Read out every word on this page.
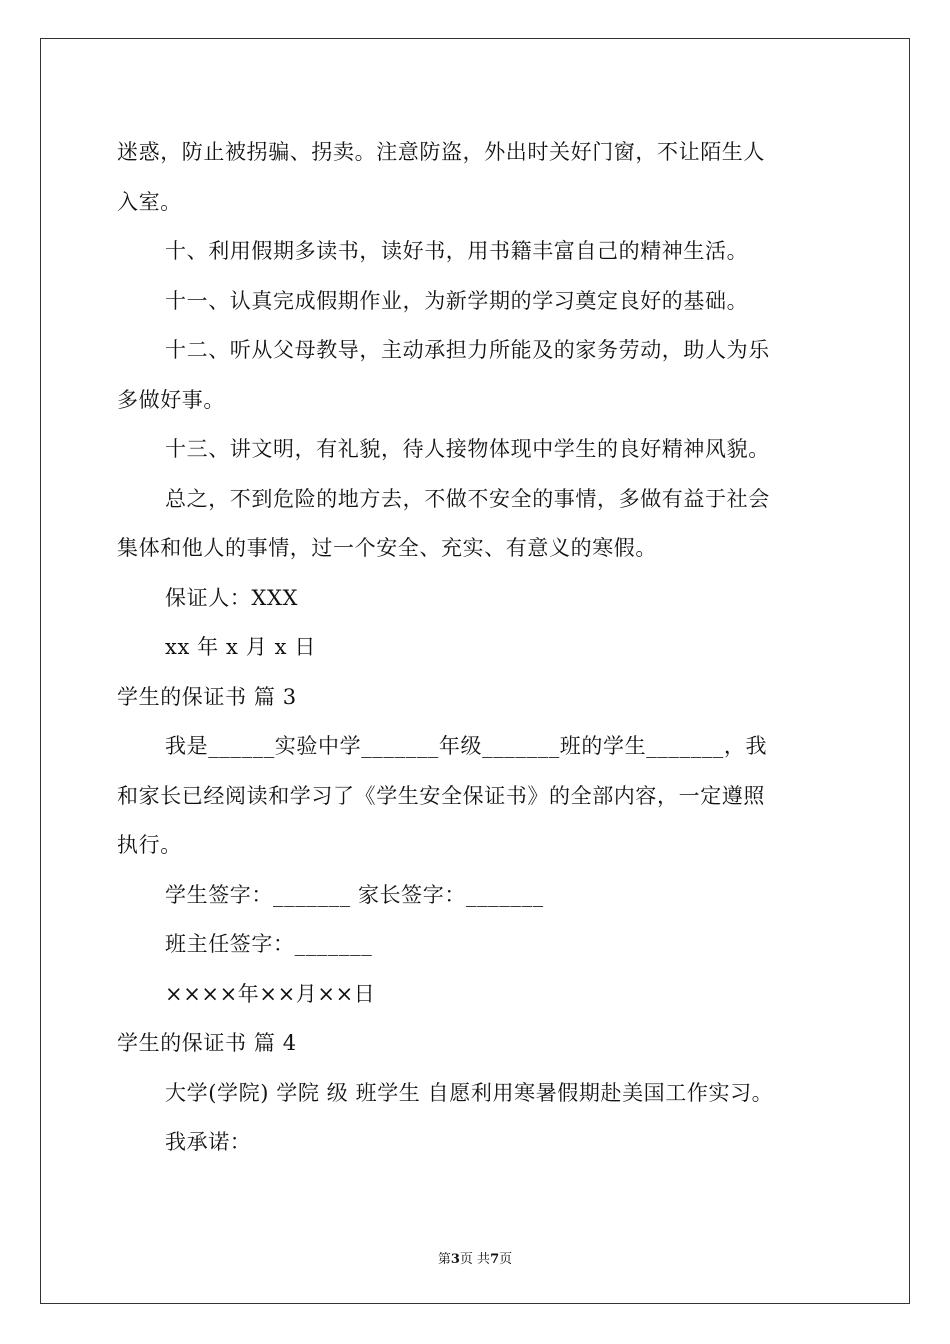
迷惑，防止被拐骗、拐卖。注意防盗，外出时关好门窗，不让陌生人
入室。
十、利用假期多读书，读好书，用书籍丰富自己的精神生活。
十一、认真完成假期作业，为新学期的学习奠定良好的基础。
十二、听从父母教导，主动承担力所能及的家务劳动，助人为乐
多做好事。
十三、讲文明，有礼貌，待人接物体现中学生的良好精神风貌。
总之，不到危险的地方去，不做不安全的事情，多做有益于社会
集体和他人的事情，过一个安全、充实、有意义的寒假。
保证人：XXX
xx 年 x 月 x 日
学生的保证书 篇 3
我是______实验中学_______年级_______班的学生_______，我
和家长已经阅读和学习了《学生安全保证书》的全部内容，一定遵照
执行。
学生签字：_______ 家长签字：_______
班主任签字：_______
××××年××月××日
学生的保证书 篇 4
大学(学院) 学院 级 班学生 自愿利用寒暑假期赴美国工作实习。
我承诺：
第3页 共7页
